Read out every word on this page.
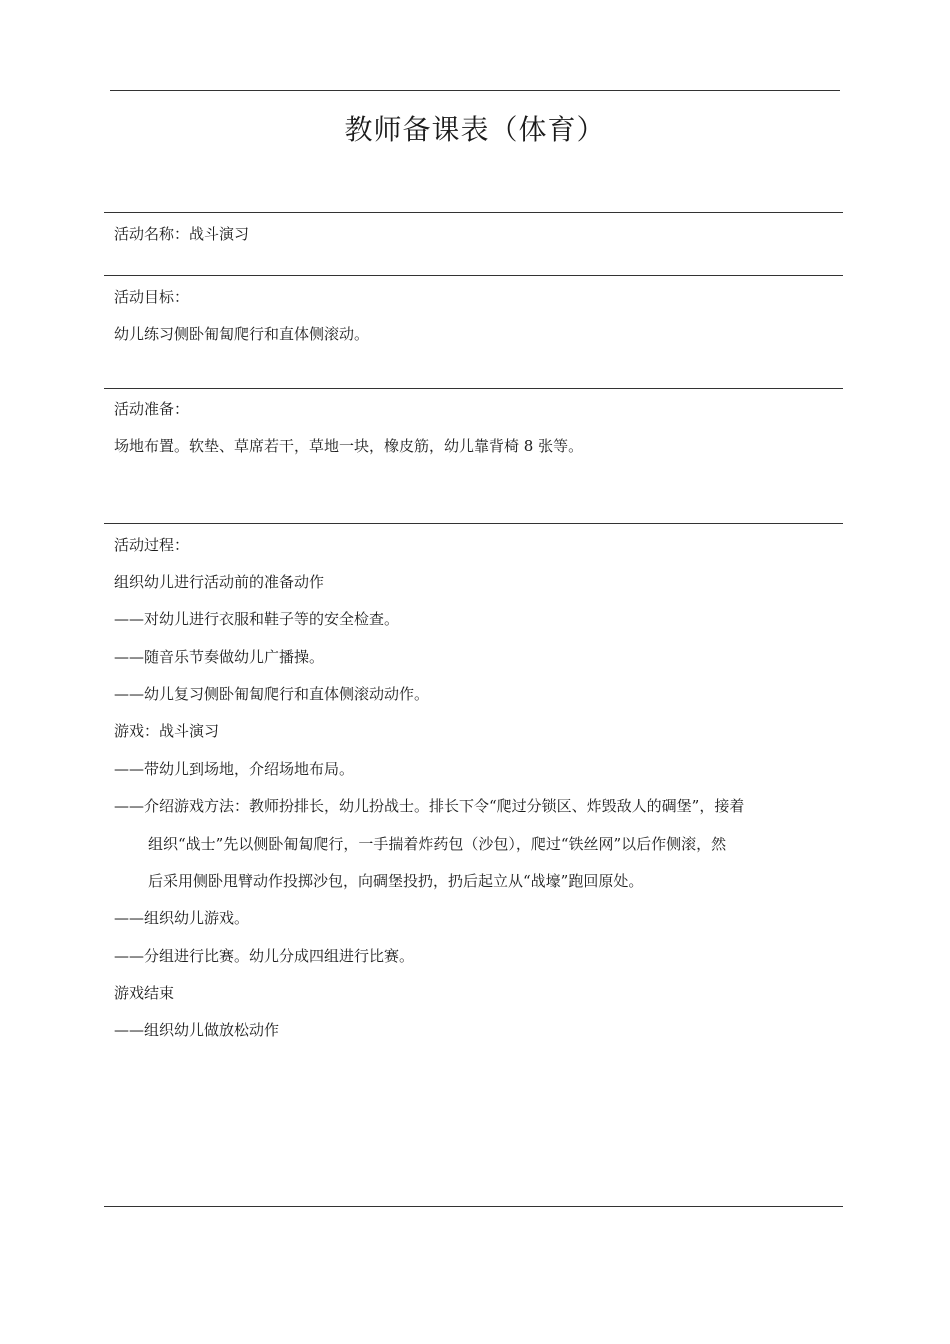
教师备课表（体育）
活动名称：战斗演习
活动目标：
幼儿练习侧卧匍匐爬行和直体侧滚动。
活动准备：
场地布置。软垫、草席若干，草地一块，橡皮筋，幼儿靠背椅 8 张等。
活动过程：
组织幼儿进行活动前的准备动作
——对幼儿进行衣服和鞋子等的安全检查。
——随音乐节奏做幼儿广播操。
——幼儿复习侧卧匍匐爬行和直体侧滚动动作。
游戏：战斗演习
——带幼儿到场地，介绍场地布局。
——介绍游戏方法：教师扮排长，幼儿扮战士。排长下令“爬过分锁区、炸毁敌人的碉堡”，接着
组织“战士”先以侧卧匍匐爬行，一手揣着炸药包（沙包），爬过“铁丝网”以后作侧滚，然
后采用侧卧甩臂动作投掷沙包，向碉堡投扔，扔后起立从“战壕”跑回原处。
——组织幼儿游戏。
——分组进行比赛。幼儿分成四组进行比赛。
游戏结束
——组织幼儿做放松动作
